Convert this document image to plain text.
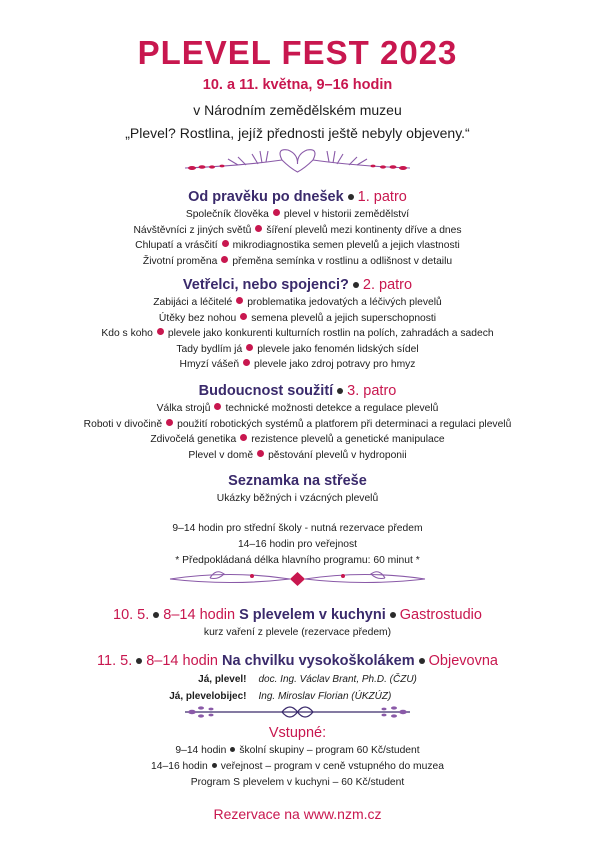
PLEVEL FEST 2023
10. a 11. května, 9–16 hodin
v Národním zemědělském muzeu
„Plevel? Rostlina, jejíž přednosti ještě nebyly objeveny.“
Od pravěku po dnešek 1. patro
Společník člověka plevel v historii zemědělství
Návštěvníci z jiných světů šíření plevelů mezi kontinenty dříve a dnes
Chlupatí a vrásčití mikrodiagnostika semen plevelů a jejich vlastnosti
Životní proměna přeměna semínka v rostlinu a odlišnost v detailu
Vetřelci, nebo spojenci? 2. patro
Zabijáci a léčitelé problematika jedovatých a léčivých plevelů
Útěky bez nohou semena plevelů a jejich superschopnosti
Kdo s koho plevele jako konkurenti kulturních rostlin na polích, zahradách a sadech
Tady bydlím já plevele jako fenomén lidských sídel
Hmyzí vášeň plevele jako zdroj potravy pro hmyz
Budoucnost soužití 3. patro
Válka strojů technické možnosti detekce a regulace plevelů
Roboti v divočině použití robotických systémů a platforem při determinaci a regulaci plevelů
Zdivočelá genetika rezistence plevelů a genetické manipulace
Plevel v domě pěstování plevelů v hydroponii
Seznamka na střeše
Ukázky běžných i vzácných plevelů
9–14 hodin pro střední školy - nutná rezervace předem
14–16 hodin pro veřejnost
* Předpokládaná délka hlavního programu: 60 minut *
10. 5. 8–14 hodin S plevelem v kuchyni Gastrostudio
kurz vaření z plevele (rezervace předem)
11. 5. 8–14 hodin Na chvilku vysokoškolákem Objevovna
Já, plevel! doc. Ing. Václav Brant, Ph.D. (ČZU)
Já, plevelobijec! Ing. Miroslav Florian (ÚKZÚZ)
Vstupné:
9–14 hodin školní skupiny – program 60 Kč/student
14–16 hodin veřejnost – program v ceně vstupného do muzea
Program S plevelem v kuchyni – 60 Kč/student
Rezervace na www.nzm.cz
